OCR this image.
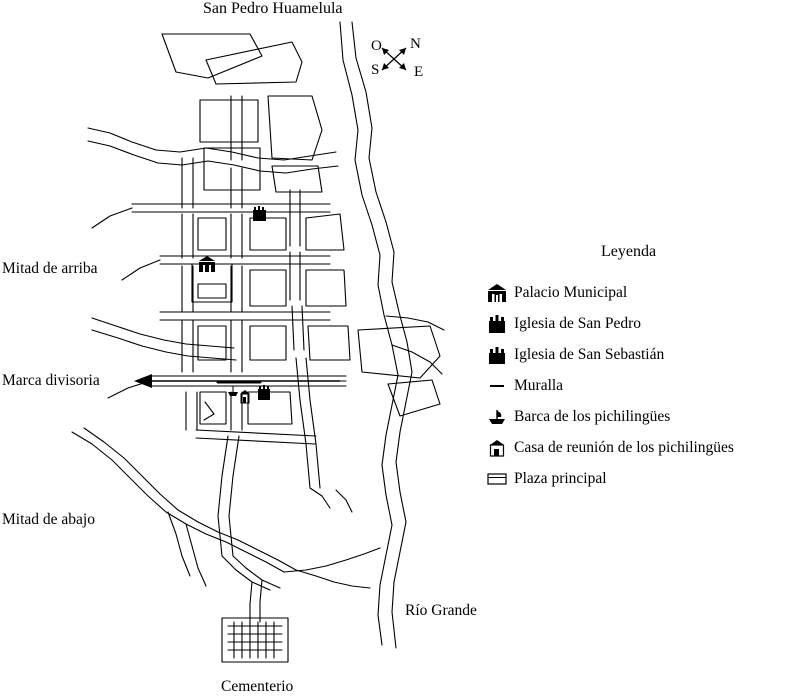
San Pedro Huamelula
Mitad de arriba
Marca divisoria
Mitad de abajo
Río Grande
Cementerio
N
S E
O
Leyenda
Palacio Municipal
Iglesia de San Pedro
Iglesia de San Sebastián
Muralla
Barca de los pichilingües
Casa de reunión de los pichilingües
Plaza principal
